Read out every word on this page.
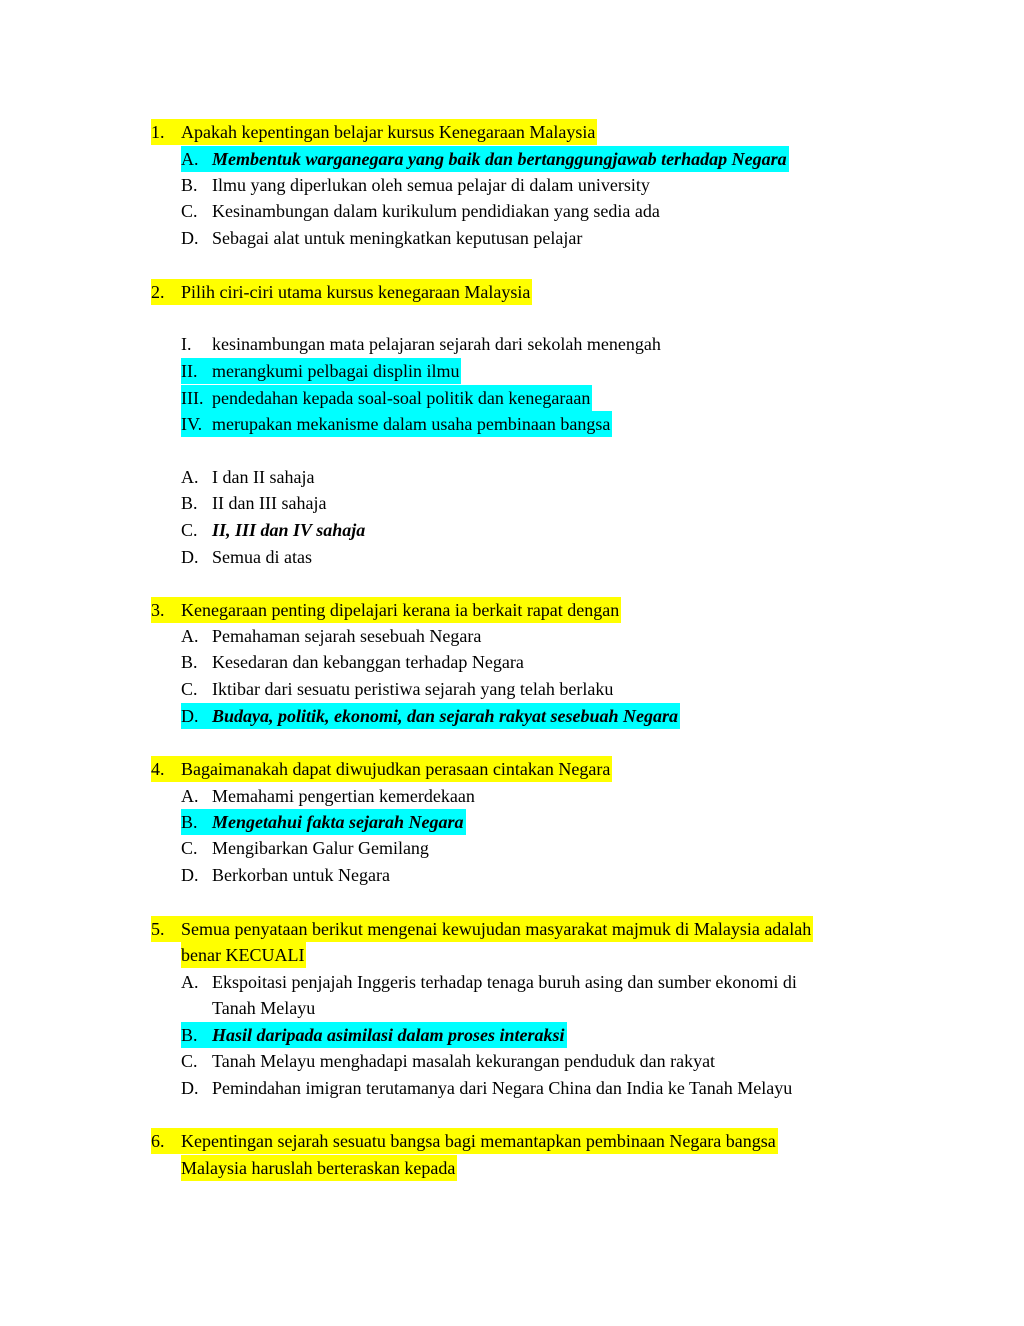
1. Apakah kepentingan belajar kursus Kenegaraan Malaysia
A. Membentuk warganegara yang baik dan bertanggungjawab terhadap Negara
B. Ilmu yang diperlukan oleh semua pelajar di dalam university
C. Kesinambungan dalam kurikulum pendidiakan yang sedia ada
D. Sebagai alat untuk meningkatkan keputusan pelajar
2. Pilih ciri-ciri utama kursus kenegaraan Malaysia
I. kesinambungan mata pelajaran sejarah dari sekolah menengah
II. merangkumi pelbagai displin ilmu
III. pendedahan kepada soal-soal politik dan kenegaraan
IV. merupakan mekanisme dalam usaha pembinaan bangsa
A. I dan II sahaja
B. II dan III sahaja
C. II, III dan IV sahaja
D. Semua di atas
3. Kenegaraan penting dipelajari kerana ia berkait rapat dengan
A. Pemahaman sejarah sesebuah Negara
B. Kesedaran dan kebanggan terhadap Negara
C. Iktibar dari sesuatu peristiwa sejarah yang telah berlaku
D. Budaya, politik, ekonomi, dan sejarah rakyat sesebuah Negara
4. Bagaimanakah dapat diwujudkan perasaan cintakan Negara
A. Memahami pengertian kemerdekaan
B. Mengetahui fakta sejarah Negara
C. Mengibarkan Galur Gemilang
D. Berkorban untuk Negara
5. Semua penyataan berikut mengenai kewujudan masyarakat majmuk di Malaysia adalah
benar KECUALI
A. Ekspoitasi penjajah Inggeris terhadap tenaga buruh asing dan sumber ekonomi di
Tanah Melayu
B. Hasil daripada asimilasi dalam proses interaksi
C. Tanah Melayu menghadapi masalah kekurangan penduduk dan rakyat
D. Pemindahan imigran terutamanya dari Negara China dan India ke Tanah Melayu
6. Kepentingan sejarah sesuatu bangsa bagi memantapkan pembinaan Negara bangsa
Malaysia haruslah berteraskan kepada
